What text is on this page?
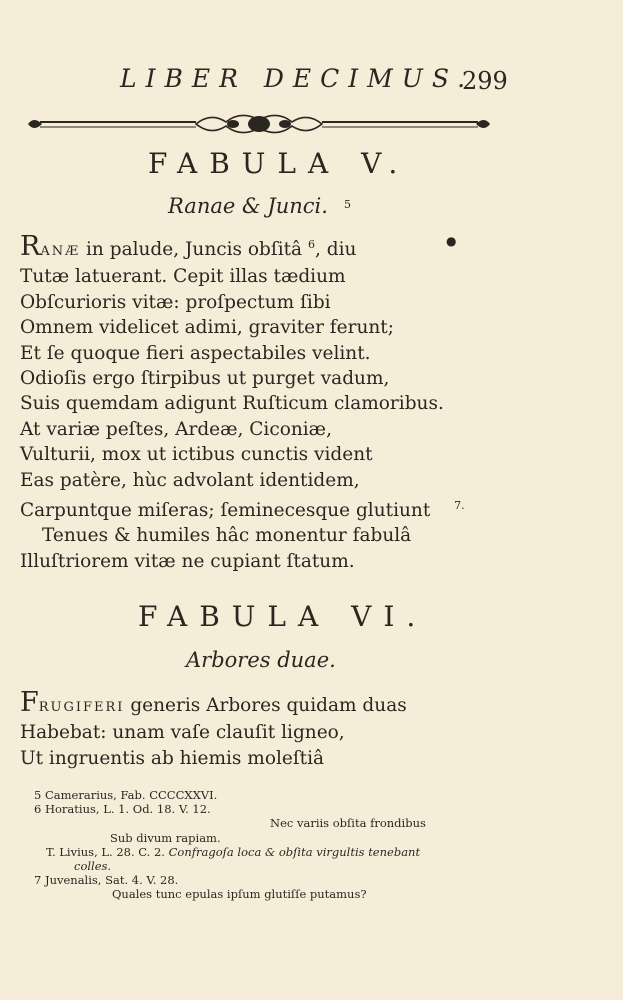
LIBER DECIMUS.
299
FABULA V.
Ranae & Junci. 5
RANÆ in palude, Juncis obſitâ $^6$, diu
Tutæ latuerant. Cepit illas tædium
Obſcurioris vitæ: proſpectum ſibi
Omnem videlicet adimi, graviter ferunt;
Et ſe quoque fieri aspectabiles velint.
Odioſis ergo ſtirpibus ut purget vadum,
Suis quemdam adigunt Ruſticum clamoribus.
At variæ peſtes, Ardeæ, Ciconiæ,
Vulturii, mox ut ictibus cunctis vident
Eas patère, hùc advolant identidem,
Carpuntque miſeras; ſeminecesque glutiunt $^{7.}$
Tenues & humiles hâc monentur fabulâ
Illuſtriorem vitæ ne cupiant ſtatum.
●
FABULA VI.
Arbores duae.
FRUGIFERI generis Arbores quidam duas
Habebat: unam vaſe clauſit ligneo,
Ut ingruentis ab hiemis moleſtiâ
5 Camerarius, Fab. CCCCXXVI.
6 Horatius, L. 1. Od. 18. V. 12.
Nec variis obſita frondibus
Sub divum rapiam.
T. Livius, L. 28. C. 2. Confragoſa loca & obſita virgultis tenebant
colles.
7 Juvenalis, Sat. 4. V. 28.
Quales tunc epulas ipſum glutiſſe putamus?
